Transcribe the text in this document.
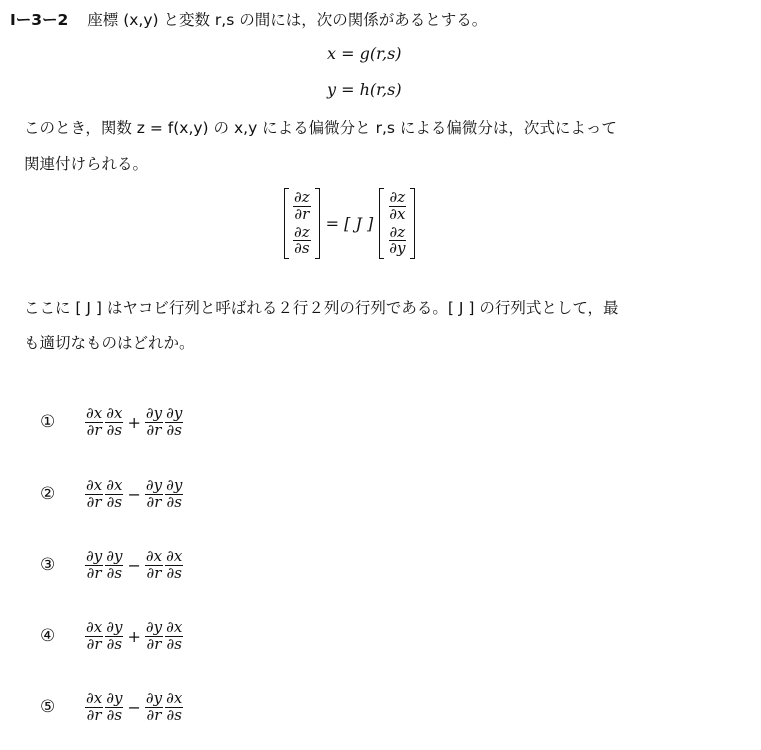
Iー3ー2 座標 (x,y) と変数 r,s の間には，次の関係があるとする。
x = g(r,s)
y = h(r,s)
このとき，関数 z = f(x,y) の x,y による偏微分と r,s による偏微分は，次式によって
関連付けられる。
$\frac{\partial z}{\partial r}$
$\frac{\partial z}{\partial s}$
= [ J ]
$\frac{\partial z}{\partial x}$
$\frac{\partial z}{\partial y}$
ここに [ J ] はヤコビ行列と呼ばれる２行２列の行列である。[ J ] の行列式として，最
も適切なものはどれか。
①	$\frac{\partial x}{\partial r} \frac{\partial x}{\partial s} + \frac{\partial y}{\partial r} \frac{\partial y}{\partial s}$
②	$\frac{\partial x}{\partial r} \frac{\partial x}{\partial s} - \frac{\partial y}{\partial r} \frac{\partial y}{\partial s}$
③	$\frac{\partial y}{\partial r} \frac{\partial y}{\partial s} - \frac{\partial x}{\partial r} \frac{\partial x}{\partial s}$
④	$\frac{\partial x}{\partial r} \frac{\partial y}{\partial s} + \frac{\partial y}{\partial r} \frac{\partial x}{\partial s}$
⑤	$\frac{\partial x}{\partial r} \frac{\partial y}{\partial s} - \frac{\partial y}{\partial r} \frac{\partial x}{\partial s}$
